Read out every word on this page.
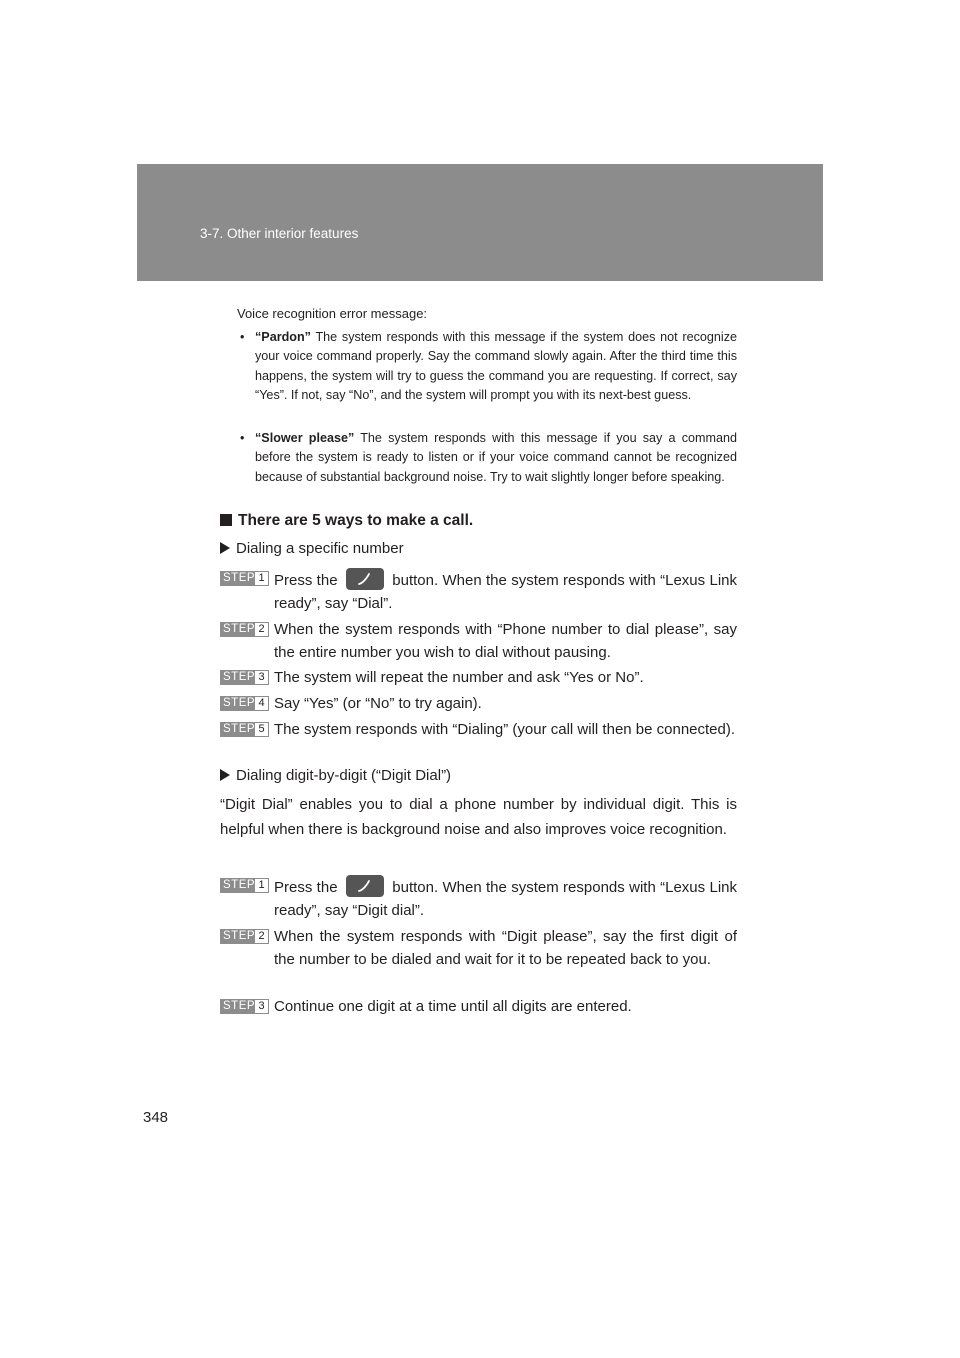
3-7. Other interior features
Voice recognition error message:
• “Pardon” The system responds with this message if the system does not recognize your voice command properly. Say the command slowly again. After the third time this happens, the system will try to guess the command you are requesting. If correct, say “Yes”. If not, say “No”, and the system will prompt you with its next-best guess.
• “Slower please” The system responds with this message if you say a command before the system is ready to listen or if your voice command cannot be recognized because of substantial background noise. Try to wait slightly longer before speaking.
There are 5 ways to make a call.
Dialing a specific number
STEP 1 Press the	button. When the system responds with “Lexus Link ready”, say “Dial”.
STEP 2 When the system responds with “Phone number to dial please”, say the entire number you wish to dial without pausing.
STEP 3 The system will repeat the number and ask “Yes or No”.
STEP 4 Say “Yes” (or “No” to try again).
STEP 5 The system responds with “Dialing” (your call will then be connected).
Dialing digit-by-digit (“Digit Dial”)
“Digit Dial” enables you to dial a phone number by individual digit. This is helpful when there is background noise and also improves voice recognition.
STEP 1 Press the	button. When the system responds with “Lexus Link ready”, say “Digit dial”.
STEP 2 When the system responds with “Digit please”, say the first digit of the number to be dialed and wait for it to be repeated back to you.
STEP 3 Continue one digit at a time until all digits are entered.
348
